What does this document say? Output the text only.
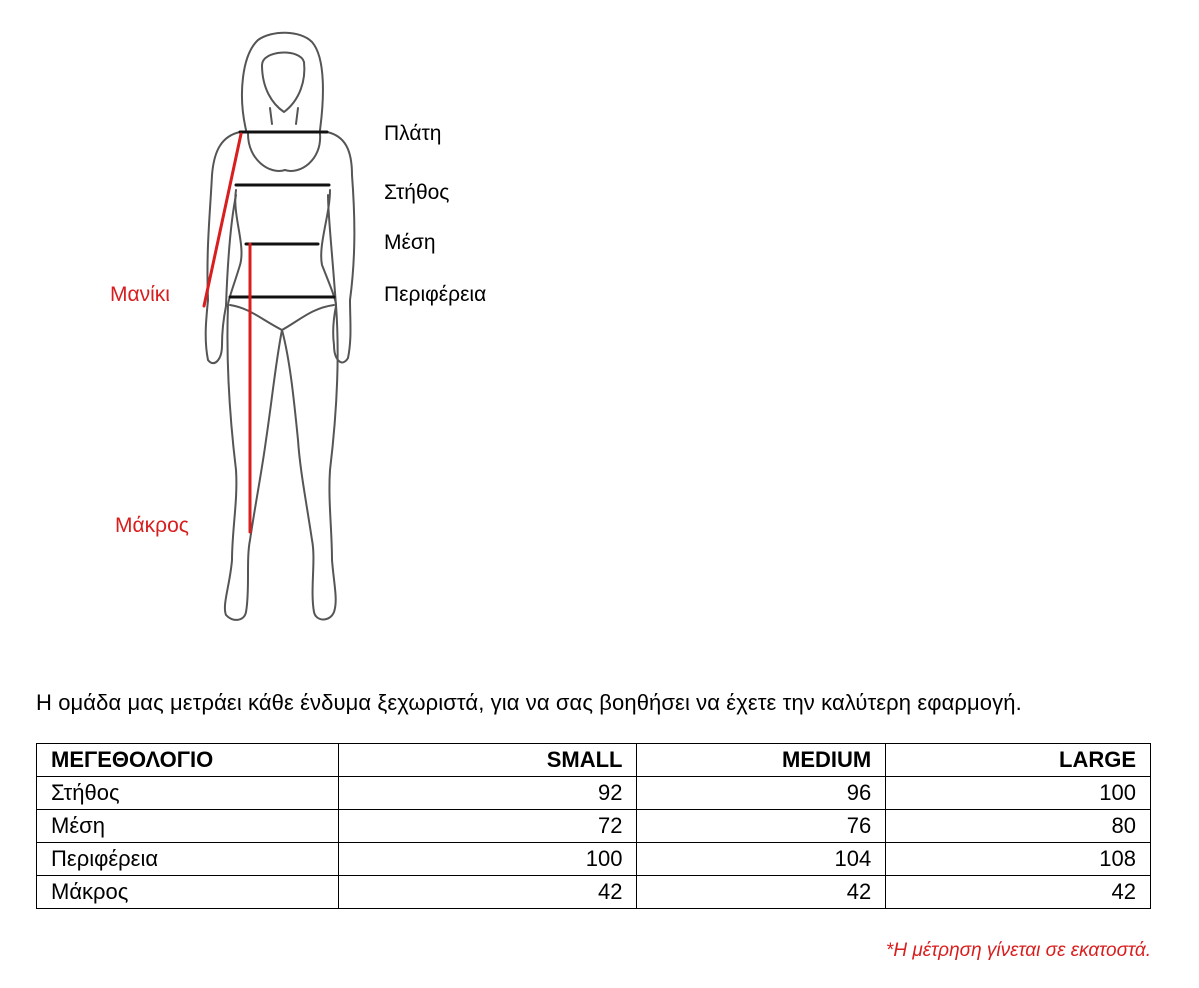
Πλάτη
Στήθος
Μέση
Περιφέρεια
Μανίκι
Μάκρος
Η ομάδα μας μετράει κάθε ένδυμα ξεχωριστά, για να σας βοηθήσει να έχετε την καλύτερη εφαρμογή.
ΜΕΓΕΘΟΛΟΓΙΟ	SMALL	MEDIUM	LARGE
Στήθος	92	96	100
Μέση	72	76	80
Περιφέρεια	100	104	108
Μάκρος	42	42	42
*Η μέτρηση γίνεται σε εκατοστά.
